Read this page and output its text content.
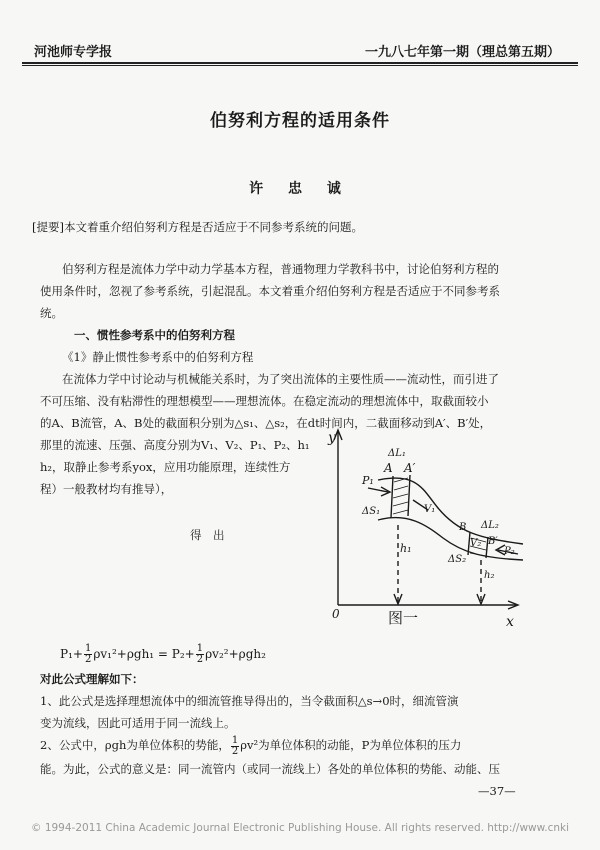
河池师专学报	一九八七年第一期（理总第五期）
伯努利方程的适用条件
许 忠 诚
[提要]本文着重介绍伯努利方程是否适应于不同参考系统的问题。
伯努利方程是流体力学中动力学基本方程，普通物理力学教科书中，讨论伯努利方程的
使用条件时，忽视了参考系统，引起混乱。本文着重介绍伯努利方程是否适应于不同参考系
统。
一、惯性参考系中的伯努利方程
《1》静止惯性参考系中的伯努利方程
在流体力学中讨论动与机械能关系时，为了突出流体的主要性质——流动性，而引进了
不可压缩、没有粘滞性的理想模型——理想流体。在稳定流动的理想流体中，取截面较小
的A、B流管，A、B处的截面积分别为△s₁、△s₂，在dt时间内，二截面移动到A′、B′处，
那里的流速、压强、高度分别为V₁、V₂、P₁、P₂、h₁
h₂，取静止参考系yox，应用功能原理，连续性方
程）一般教材均有推导），
得　出
y
x
0	图一
ΔL₁
P₁
A A′
V₁
ΔS₁
h₁
B ΔL₂
B′
V₂
P₂
ΔS₂
h₂
$P_1+ \frac{1}{2} \rho v_1^2+\rho gh_1 = P_2+ \frac{1}{2} \rho v_2^2+\rho gh_2$
对此公式理解如下：
1、此公式是选择理想流体中的细流管推导得出的，当令截面积△s→0时，细流管演
变为流线，因此可适用于同一流线上。
2、公式中，ρgh为单位体积的势能， $\frac{1}{2} \rho v^2$为单位体积的动能，P为单位体积的压力
能。为此，公式的意义是：同一流管内（或同一流线上）各处的单位体积的势能、动能、压
—37—
© 1994-2011 China Academic Journal Electronic Publishing House. All rights reserved. http://www.cnki
